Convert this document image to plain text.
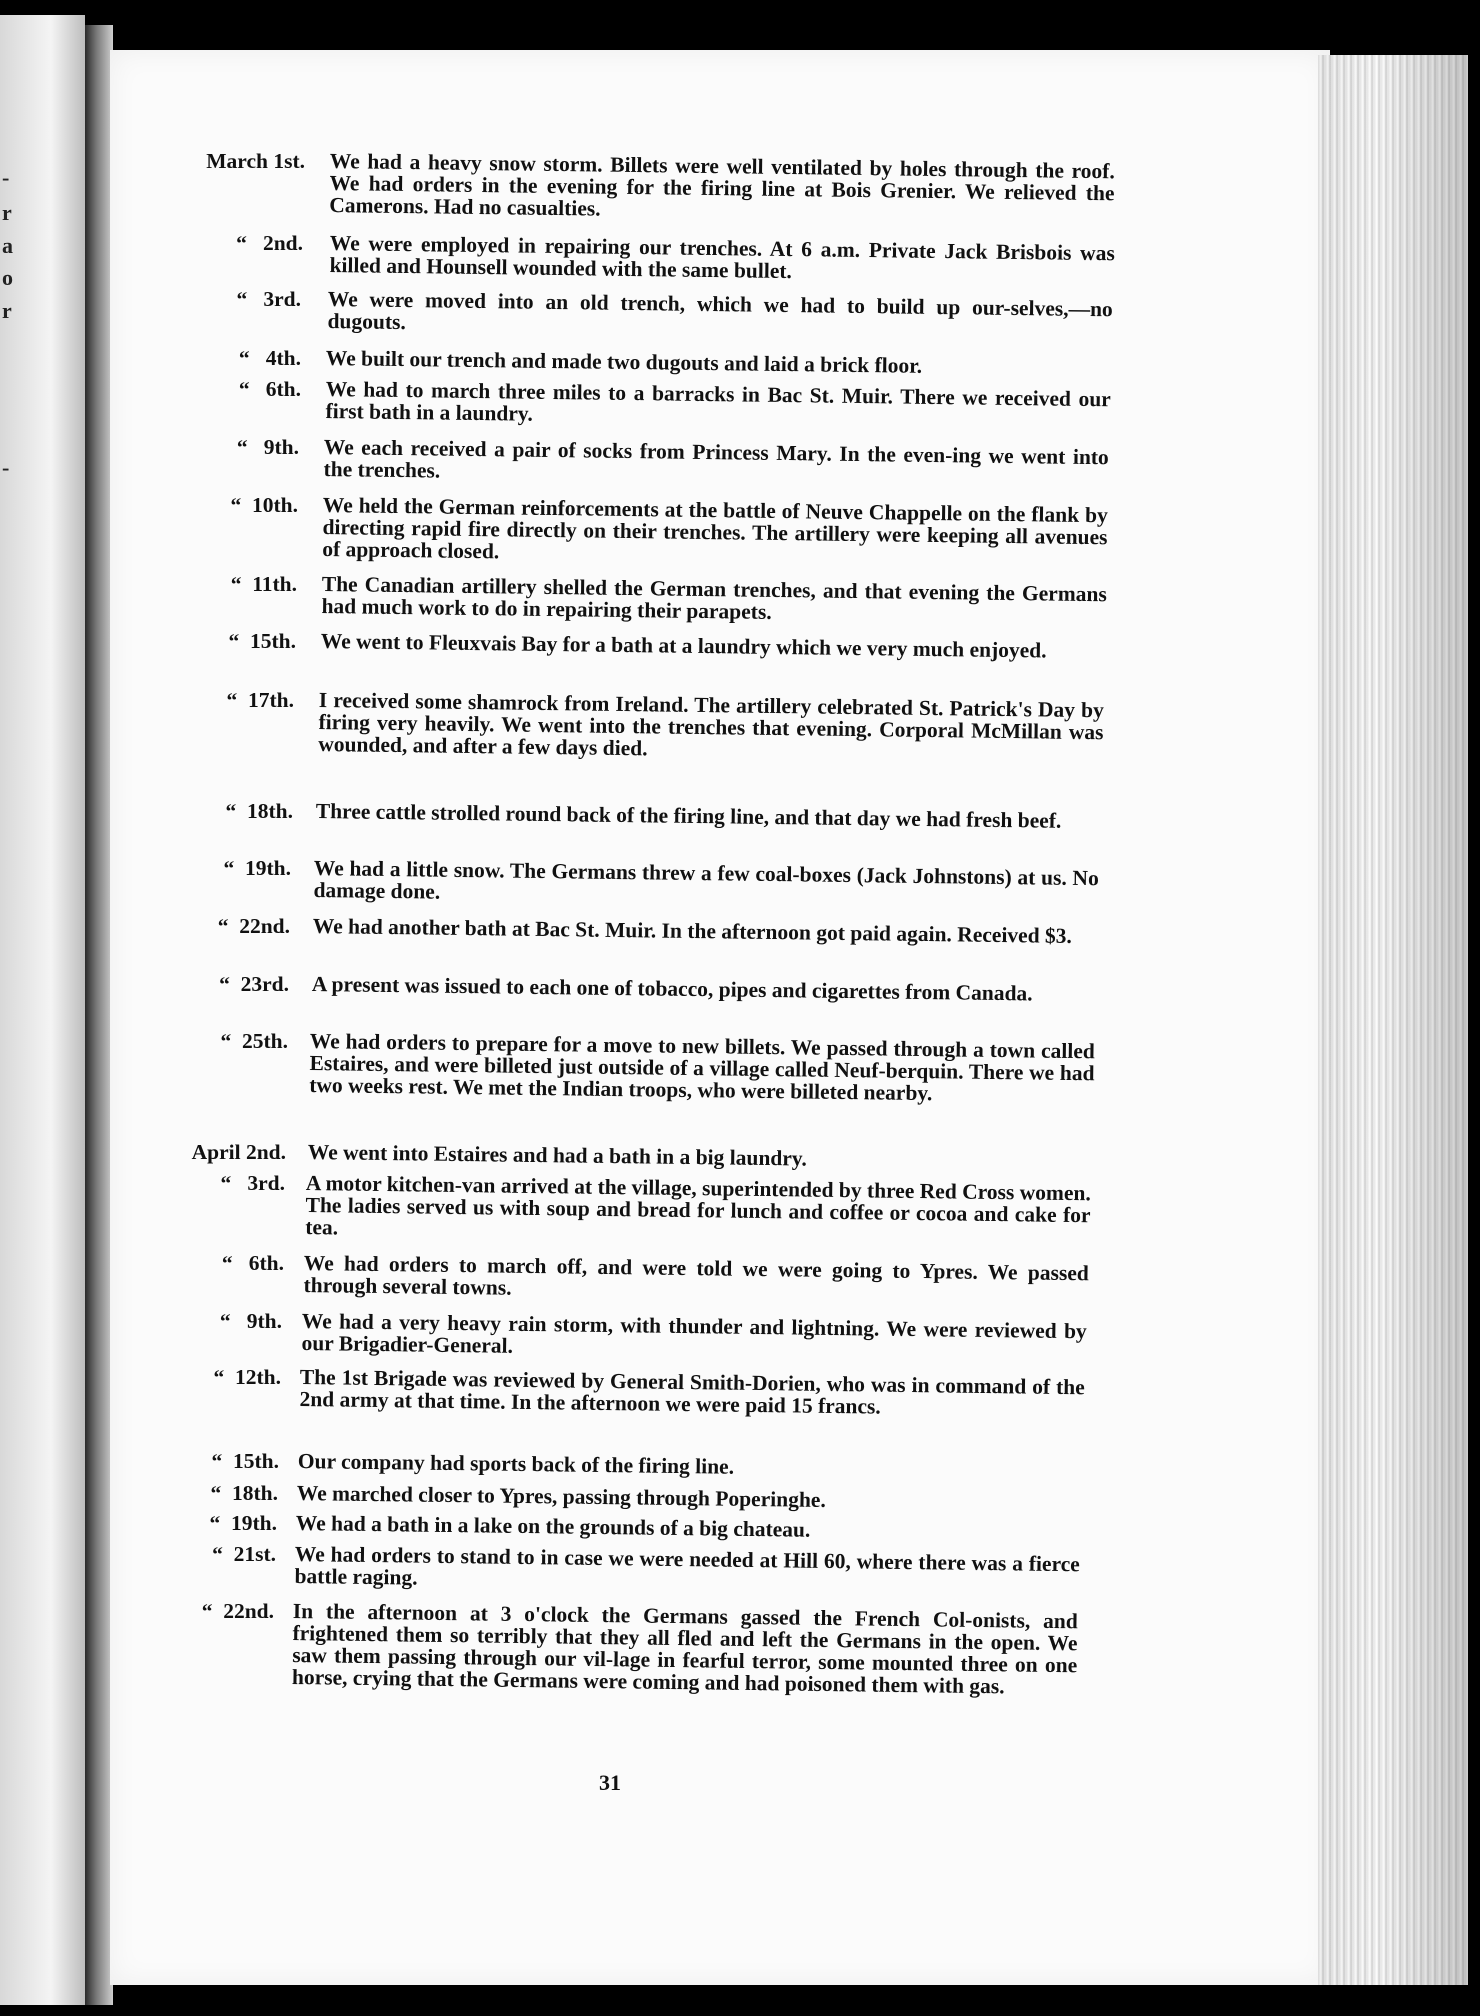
-
r
a
o
r
-
March 1st. We had a heavy snow storm. Billets were well ventilated by holes through the roof. We had orders in the evening for the firing line at Bois Grenier. We relieved the Camerons. Had no casualties.
“   2nd. We were employed in repairing our trenches. At 6 a.m. Private Jack Brisbois was killed and Hounsell wounded with the same bullet.
“   3rd. We were moved into an old trench, which we had to build up our-selves,—no dugouts.
“   4th. We built our trench and made two dugouts and laid a brick floor.
“   6th. We had to march three miles to a barracks in Bac St. Muir. There we received our first bath in a laundry.
“   9th. We each received a pair of socks from Princess Mary. In the even-ing we went into the trenches.
“  10th. We held the German reinforcements at the battle of Neuve Chappelle on the flank by directing rapid fire directly on their trenches. The artillery were keeping all avenues of approach closed.
“  11th. The Canadian artillery shelled the German trenches, and that evening the Germans had much work to do in repairing their parapets.
“  15th. We went to Fleuxvais Bay for a bath at a laundry which we very much enjoyed.
“  17th. I received some shamrock from Ireland. The artillery celebrated St. Patrick's Day by firing very heavily. We went into the trenches that evening. Corporal McMillan was wounded, and after a few days died.
“  18th. Three cattle strolled round back of the firing line, and that day we had fresh beef.
“  19th. We had a little snow. The Germans threw a few coal-boxes (Jack Johnstons) at us. No damage done.
“  22nd. We had another bath at Bac St. Muir. In the afternoon got paid again. Received $3.
“  23rd. A present was issued to each one of tobacco, pipes and cigarettes from Canada.
“  25th. We had orders to prepare for a move to new billets. We passed through a town called Estaires, and were billeted just outside of a village called Neuf-berquin. There we had two weeks rest. We met the Indian troops, who were billeted nearby.
April 2nd. We went into Estaires and had a bath in a big laundry.
“   3rd. A motor kitchen-van arrived at the village, superintended by three Red Cross women. The ladies served us with soup and bread for lunch and coffee or cocoa and cake for tea.
“   6th. We had orders to march off, and were told we were going to Ypres. We passed through several towns.
“   9th. We had a very heavy rain storm, with thunder and lightning. We were reviewed by our Brigadier-General.
“  12th. The 1st Brigade was reviewed by General Smith-Dorien, who was in command of the 2nd army at that time. In the afternoon we were paid 15 francs.
“  15th. Our company had sports back of the firing line.
“  18th. We marched closer to Ypres, passing through Poperinghe.
“  19th. We had a bath in a lake on the grounds of a big chateau.
“  21st. We had orders to stand to in case we were needed at Hill 60, where there was a fierce battle raging.
“  22nd. In the afternoon at 3 o'clock the Germans gassed the French Col-onists, and frightened them so terribly that they all fled and left the Germans in the open. We saw them passing through our vil-lage in fearful terror, some mounted three on one horse, crying that the Germans were coming and had poisoned them with gas.
31
